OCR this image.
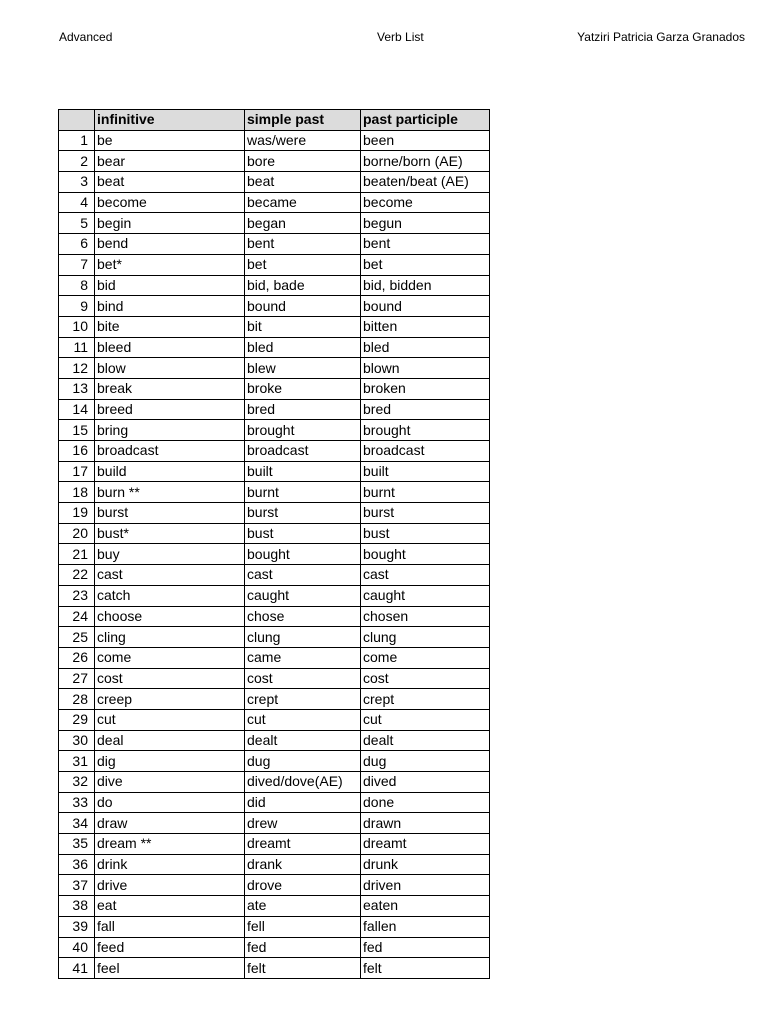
Advanced	Verb List	Yatziri Patricia Garza Granados
	infinitive	simple past	past participle
1	be	was/were	been
2	bear	bore	borne/born (AE)
3	beat	beat	beaten/beat (AE)
4	become	became	become
5	begin	began	begun
6	bend	bent	bent
7	bet*	bet	bet
8	bid	bid, bade	bid, bidden
9	bind	bound	bound
10	bite	bit	bitten
11	bleed	bled	bled
12	blow	blew	blown
13	break	broke	broken
14	breed	bred	bred
15	bring	brought	brought
16	broadcast	broadcast	broadcast
17	build	built	built
18	burn **	burnt	burnt
19	burst	burst	burst
20	bust*	bust	bust
21	buy	bought	bought
22	cast	cast	cast
23	catch	caught	caught
24	choose	chose	chosen
25	cling	clung	clung
26	come	came	come
27	cost	cost	cost
28	creep	crept	crept
29	cut	cut	cut
30	deal	dealt	dealt
31	dig	dug	dug
32	dive	dived/dove(AE)	dived
33	do	did	done
34	draw	drew	drawn
35	dream **	dreamt	dreamt
36	drink	drank	drunk
37	drive	drove	driven
38	eat	ate	eaten
39	fall	fell	fallen
40	feed	fed	fed
41	feel	felt	felt
